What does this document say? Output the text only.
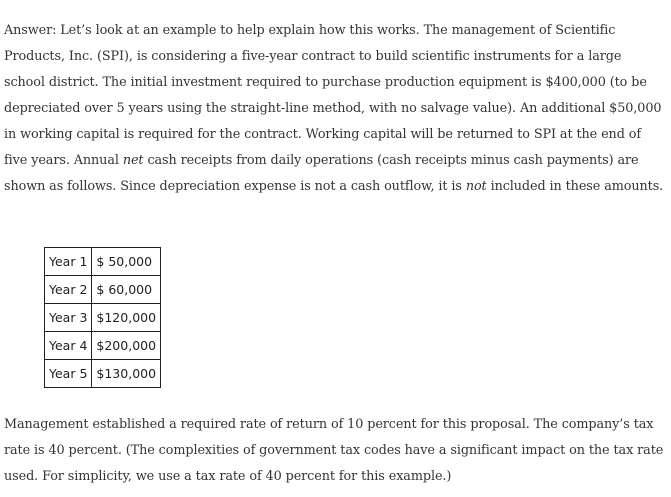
Answer: Let’s look at an example to help explain how this works. The management of Scientific Products, Inc. (SPI), is considering a five-year contract to build scientific instruments for a large school district. The initial investment required to purchase production equipment is $400,000 (to be depreciated over 5 years using the straight-line method, with no salvage value). An additional $50,000 in working capital is required for the contract. Working capital will be returned to SPI at the end of five years. Annual net cash receipts from daily operations (cash receipts minus cash payments) are shown as follows. Since depreciation expense is not a cash outflow, it is not included in these amounts.

Year 1	$ 50,000
Year 2	$ 60,000
Year 3	$120,000
Year 4	$200,000
Year 5	$130,000

Management established a required rate of return of 10 percent for this proposal. The company’s tax rate is 40 percent. (The complexities of government tax codes have a significant impact on the tax rate used. For simplicity, we use a tax rate of 40 percent for this example.)
